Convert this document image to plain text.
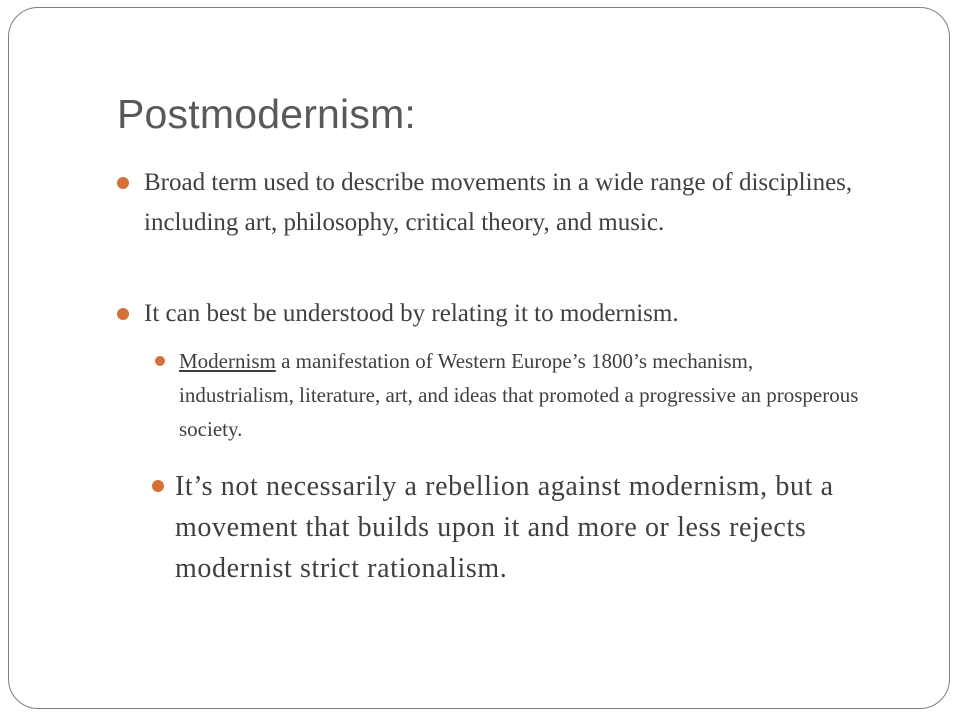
Postmodernism:
Broad term used to describe movements in a wide range of disciplines, including art, philosophy, critical theory, and music.
It can best be understood by relating it to modernism.
Modernism a manifestation of Western Europe’s 1800’s mechanism, industrialism, literature, art, and ideas that promoted a progressive an prosperous society.
It’s not necessarily a rebellion against modernism, but a movement that builds upon it and more or less rejects modernist strict rationalism.
